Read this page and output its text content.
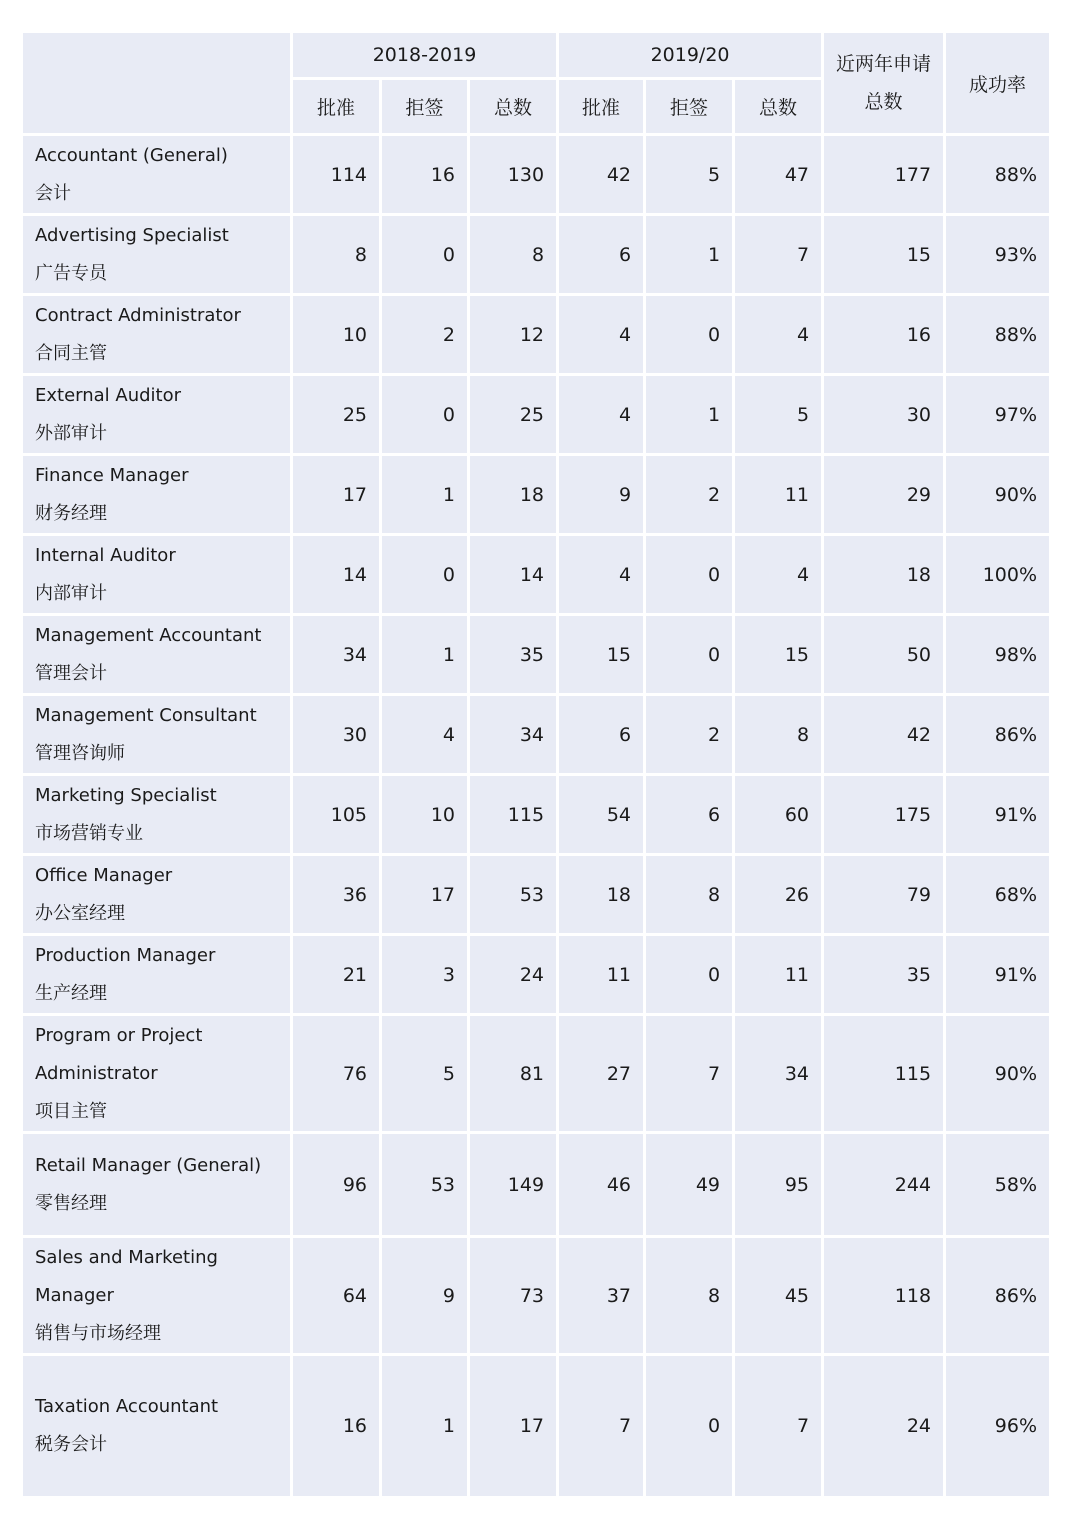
	2018-2019			2019/20			近两年申请总数	成功率
	批准	拒签	总数	批准	拒签	总数		

Accountant (General)
会计	114	16	130	42	5	47	177	88%

Advertising Specialist
广告专员	8	0	8	6	1	7	15	93%

Contract Administrator
合同主管	10	2	12	4	0	4	16	88%

External Auditor
外部审计	25	0	25	4	1	5	30	97%

Finance Manager
财务经理	17	1	18	9	2	11	29	90%

Internal Auditor
内部审计	14	0	14	4	0	4	18	100%

Management Accountant
管理会计	34	1	35	15	0	15	50	98%

Management Consultant
管理咨询师	30	4	34	6	2	8	42	86%

Marketing Specialist
市场营销专业	105	10	115	54	6	60	175	91%

Office Manager
办公室经理	36	17	53	18	8	26	79	68%

Production Manager
生产经理	21	3	24	11	0	11	35	91%

Program or Project Administrator
项目主管	76	5	81	27	7	34	115	90%

Retail Manager (General)
零售经理	96	53	149	46	49	95	244	58%

Sales and Marketing Manager
销售与市场经理	64	9	73	37	8	45	118	86%

Taxation Accountant
税务会计	16	1	17	7	0	7	24	96%
